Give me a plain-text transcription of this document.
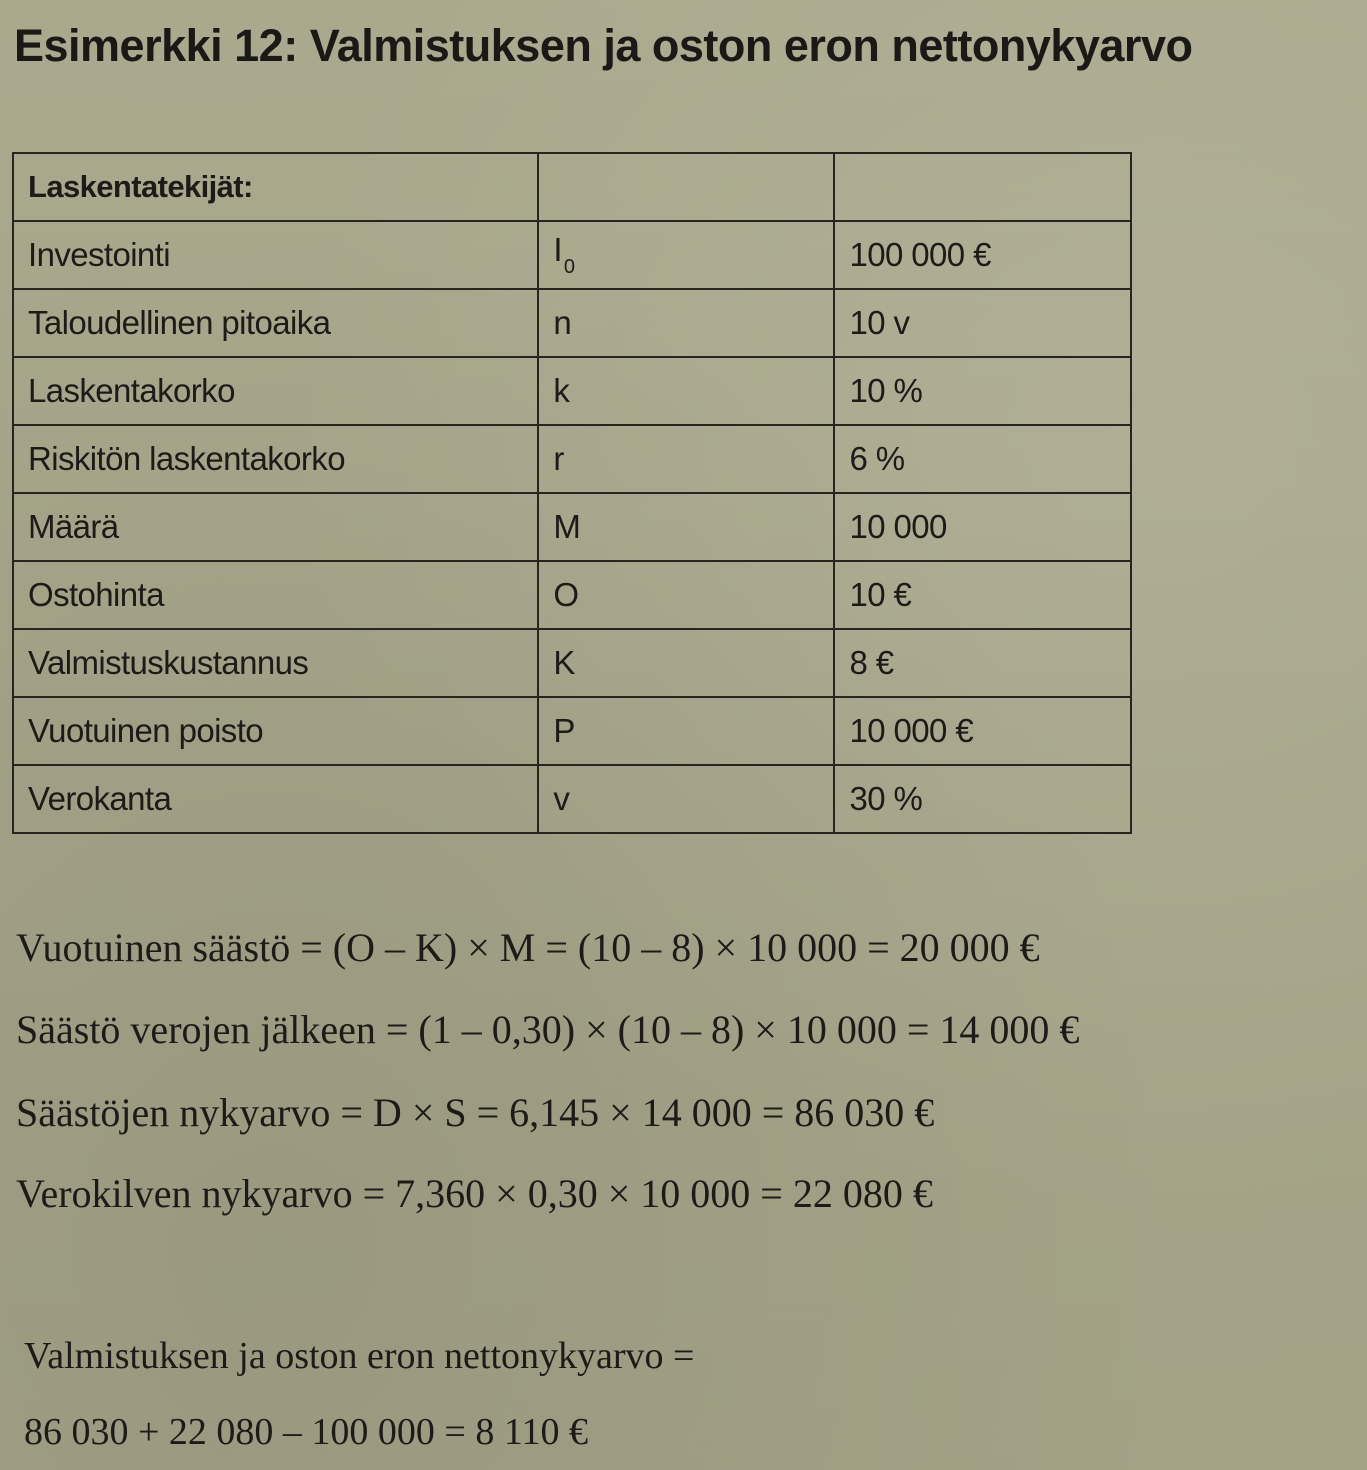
Esimerkki 12: Valmistuksen ja oston eron nettonykyarvo
Laskentatekijät:		
Investointi	I $_0$	100 000 €
Taloudellinen pitoaika	n	10 v
Laskentakorko	k	10 %
Riskitön laskentakorko	r	6 %
Määrä	M	10 000
Ostohinta	O	10 €
Valmistuskustannus	K	8 €
Vuotuinen poisto	P	10 000 €
Verokanta	v	30 %

Vuotuinen säästö = (O – K) × M = (10 – 8) × 10 000 = 20 000 €

Säästö verojen jälkeen = (1 – 0,30) × (10 – 8) × 10 000 = 14 000 €

Säästöjen nykyarvo = D × S = 6,145 × 14 000 = 86 030 €

Verokilven nykyarvo = 7,360 × 0,30 × 10 000 = 22 080 €

Valmistuksen ja oston eron nettonykyarvo =

86 030 + 22 080 – 100 000 = 8 110 €
